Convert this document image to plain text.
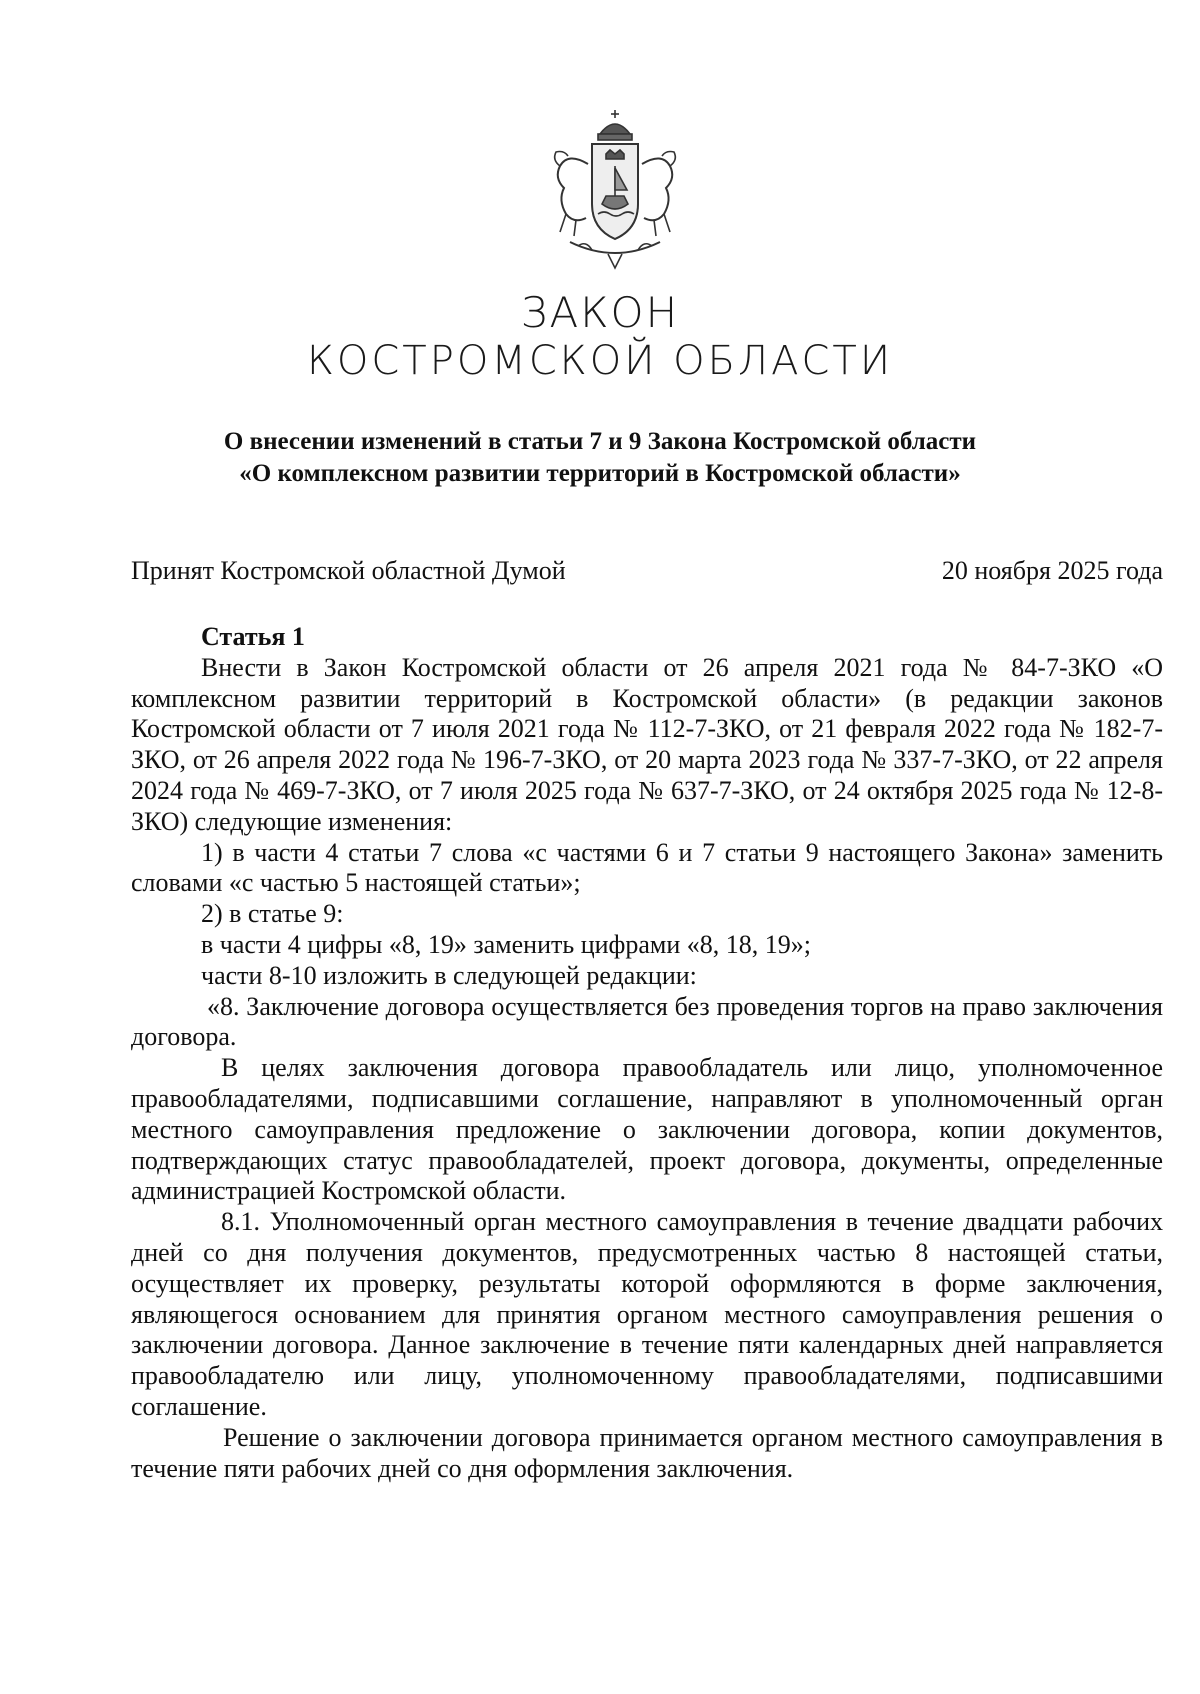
ЗАКОН
КОСТРОМСКОЙ ОБЛАСТИ
О внесении изменений в статьи 7 и 9 Закона Костромской области
«О комплексном развитии территорий в Костромской области»
Принят Костромской областной Думой	20 ноября 2025 года

Статья 1

Внести в Закон Костромской области от 26 апреля 2021 года № 84-7-ЗКО «О комплексном развитии территорий в Костромской области» (в редакции законов Костромской области от 7 июля 2021 года № 112-7-ЗКО, от 21 февраля 2022 года № 182-7-ЗКО, от 26 апреля 2022 года № 196-7-ЗКО, от 20 марта 2023 года № 337-7-ЗКО, от 22 апреля 2024 года № 469-7-ЗКО, от 7 июля 2025 года № 637-7-ЗКО, от 24 октября 2025 года № 12-8-ЗКО) следующие изменения:

1) в части 4 статьи 7 слова «с частями 6 и 7 статьи 9 настоящего Закона» заменить словами «с частью 5 настоящей статьи»;

2) в статье 9:

в части 4 цифры «8, 19» заменить цифрами «8, 18, 19»;

части 8-10 изложить в следующей редакции:

«8. Заключение договора осуществляется без проведения торгов на право заключения договора.

В целях заключения договора правообладатель или лицо, уполномоченное правообладателями, подписавшими соглашение, направляют в уполномоченный орган местного самоуправления предложение о заключении договора, копии документов, подтверждающих статус правообладателей, проект договора, документы, определенные администрацией Костромской области.

8.1. Уполномоченный орган местного самоуправления в течение двадцати рабочих дней со дня получения документов, предусмотренных частью 8 настоящей статьи, осуществляет их проверку, результаты которой оформляются в форме заключения, являющегося основанием для принятия органом местного самоуправления решения о заключении договора. Данное заключение в течение пяти календарных дней направляется правообладателю или лицу, уполномоченному правообладателями, подписавшими соглашение.

Решение о заключении договора принимается органом местного самоуправления в течение пяти рабочих дней со дня оформления заключения.
